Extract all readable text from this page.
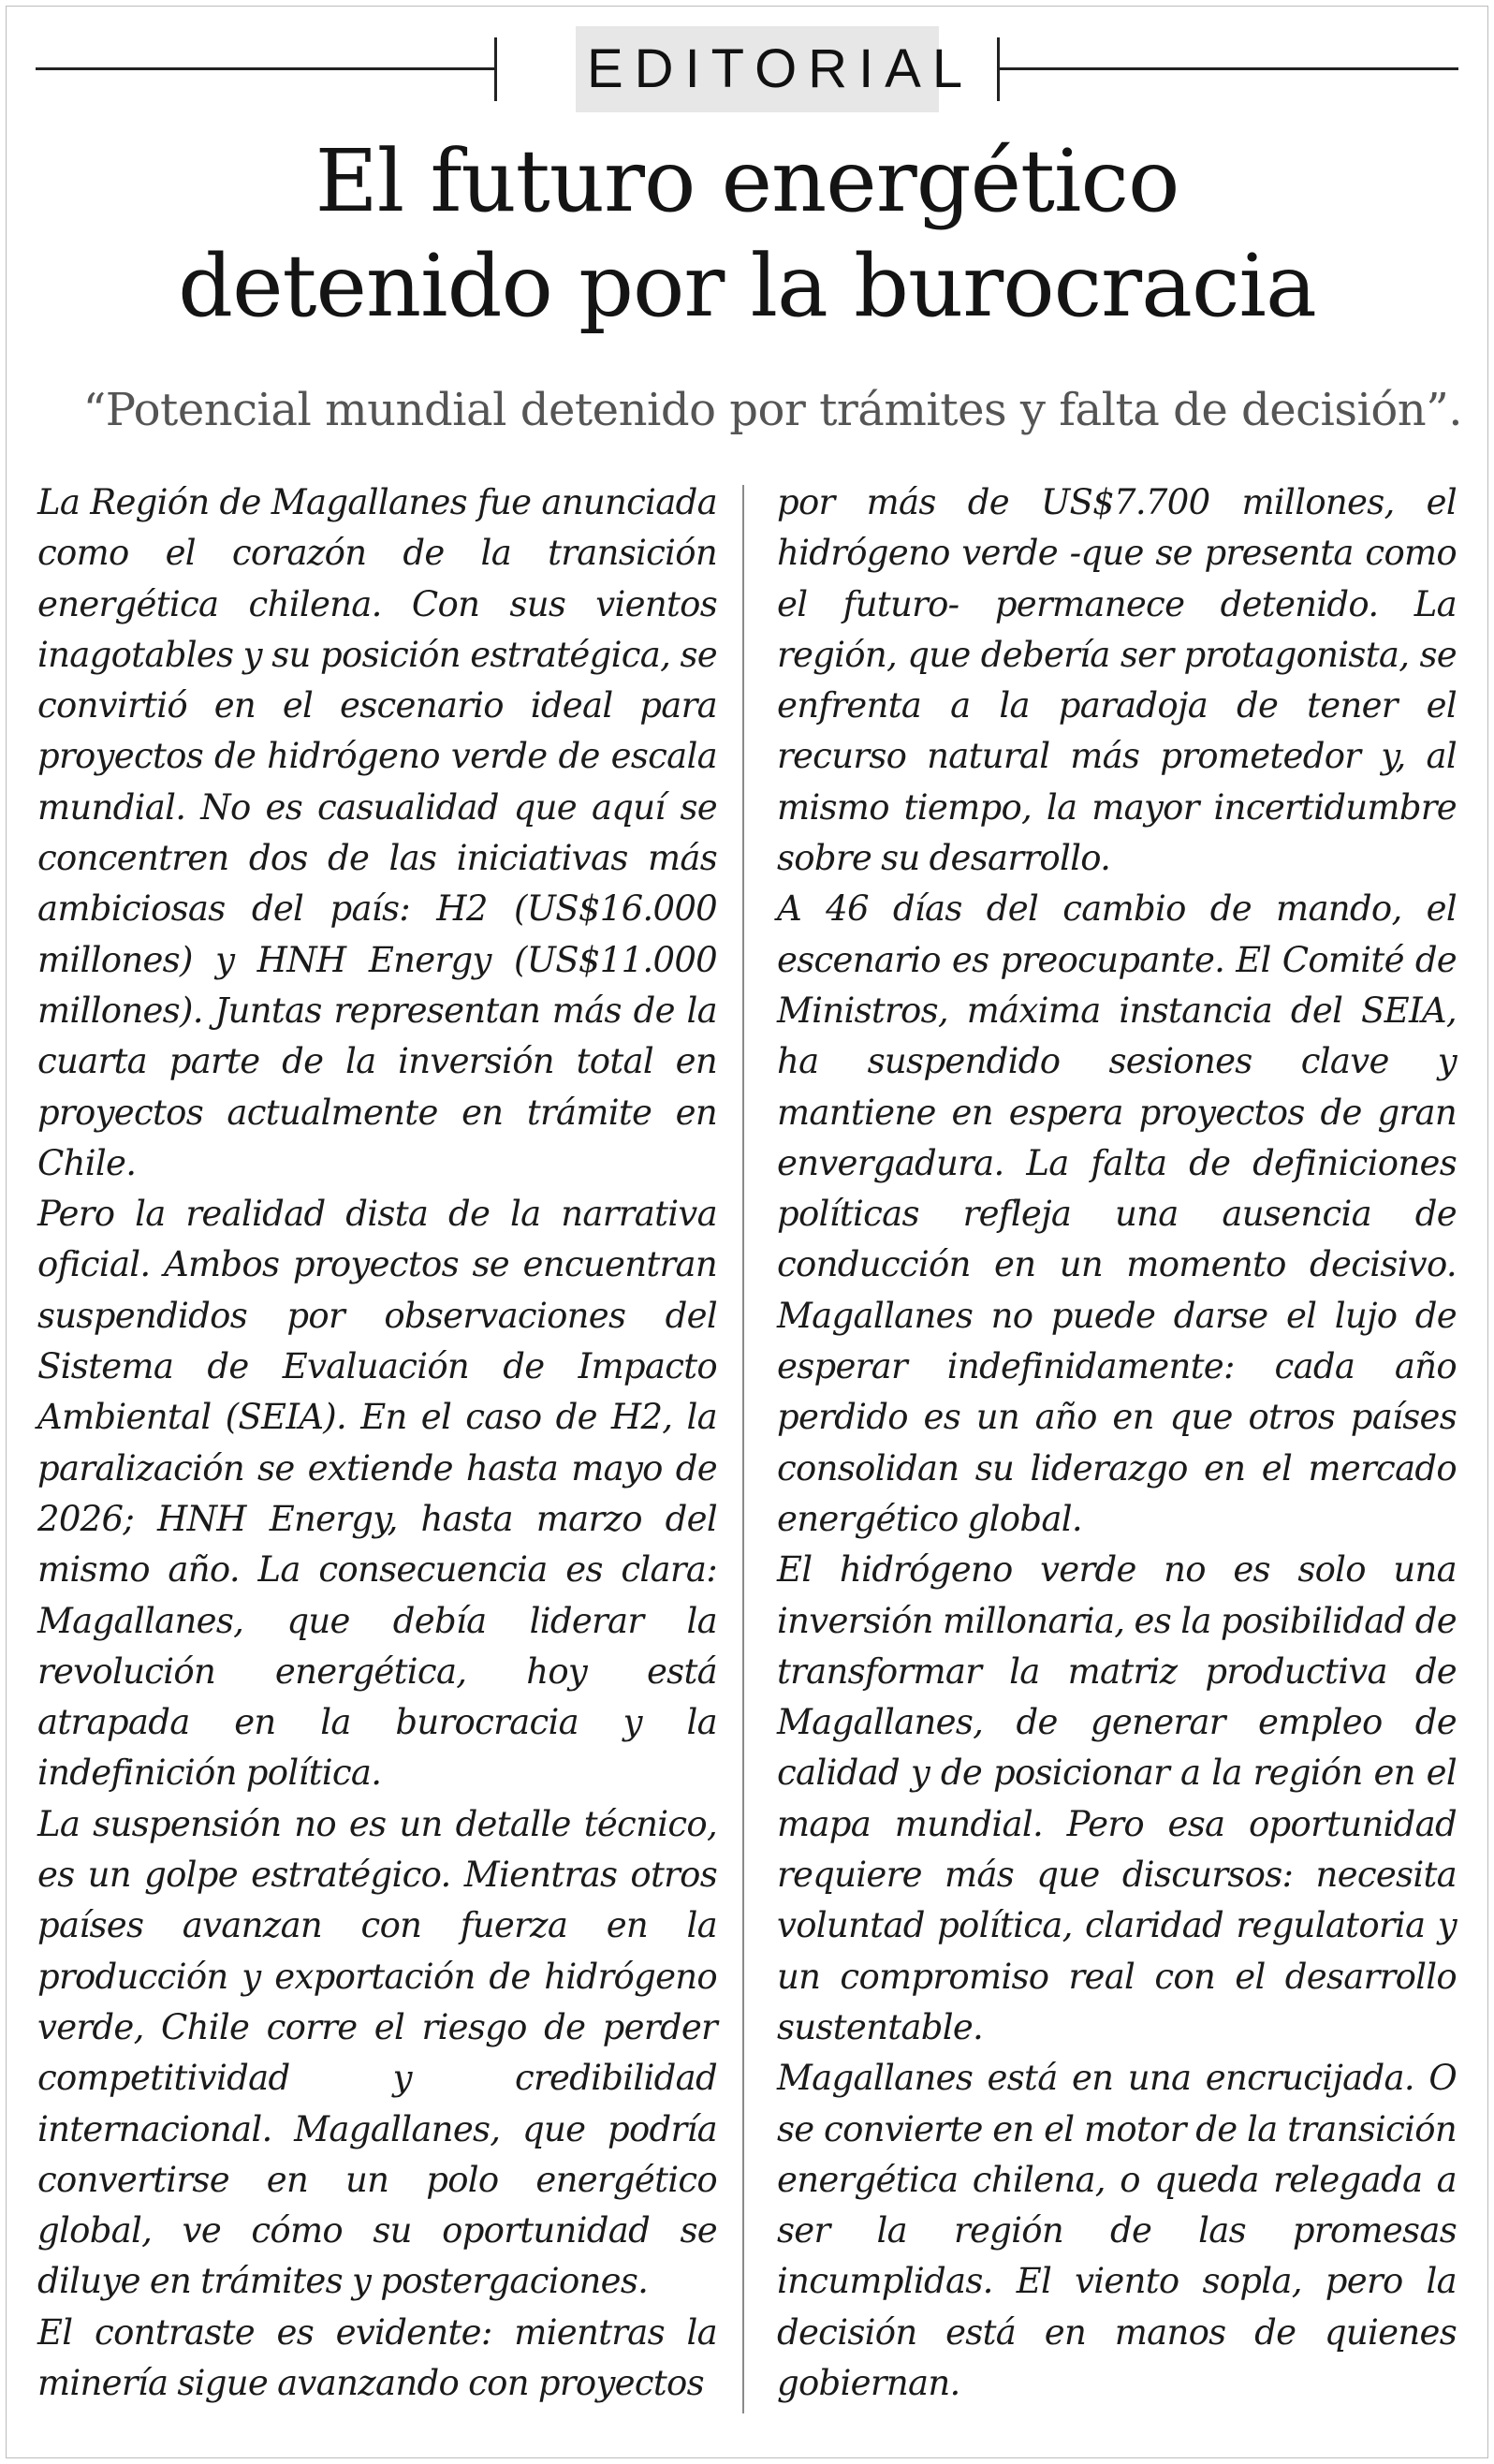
EDITORIAL
El futuro energético
detenido por la burocracia

“Potencial mundial detenido por trámites y falta de decisión”.

La Región de Magallanes fue anunciada como el corazón de la transición energética chilena. Con sus vientos inagotables y su posición estratégica, se convirtió en el escenario ideal para proyectos de hidrógeno verde de escala mundial. No es casualidad que aquí se concentren dos de las iniciativas más ambiciosas del país: H2 (US$16.000 millones) y HNH Energy (US$11.000 millones). Juntas representan más de la cuarta parte de la inversión total en proyectos actualmente en trámite en Chile.

Pero la realidad dista de la narrativa oficial. Ambos proyectos se encuentran suspendidos por observaciones del Sistema de Evaluación de Impacto Ambiental (SEIA). En el caso de H2, la paralización se extiende hasta mayo de 2026; HNH Energy, hasta marzo del mismo año. La consecuencia es clara: Magallanes, que debía liderar la revolución energética, hoy está atrapada en la burocracia y la indefinición política.

La suspensión no es un detalle técnico, es un golpe estratégico. Mientras otros países avanzan con fuerza en la producción y exportación de hidrógeno verde, Chile corre el riesgo de perder competitividad y credibilidad internacional. Magallanes, que podría convertirse en un polo energético global, ve cómo su oportunidad se diluye en trámites y postergaciones.

El contraste es evidente: mientras la minería sigue avanzando con proyectos

por más de US$7.700 millones, el hidrógeno verde -que se presenta como el futuro- permanece detenido. La región, que debería ser protagonista, se enfrenta a la paradoja de tener el recurso natural más prometedor y, al mismo tiempo, la mayor incertidumbre sobre su desarrollo.

A 46 días del cambio de mando, el escenario es preocupante. El Comité de Ministros, máxima instancia del SEIA, ha suspendido sesiones clave y mantiene en espera proyectos de gran envergadura. La falta de definiciones políticas refleja una ausencia de conducción en un momento decisivo. Magallanes no puede darse el lujo de esperar indefinidamente: cada año perdido es un año en que otros países consolidan su liderazgo en el mercado energético global.

El hidrógeno verde no es solo una inversión millonaria, es la posibilidad de transformar la matriz productiva de Magallanes, de generar empleo de calidad y de posicionar a la región en el mapa mundial. Pero esa oportunidad requiere más que discursos: necesita voluntad política, claridad regulatoria y un compromiso real con el desarrollo sustentable.

Magallanes está en una encrucijada. O se convierte en el motor de la transición energética chilena, o queda relegada a ser la región de las promesas incumplidas. El viento sopla, pero la decisión está en manos de quienes gobiernan.
